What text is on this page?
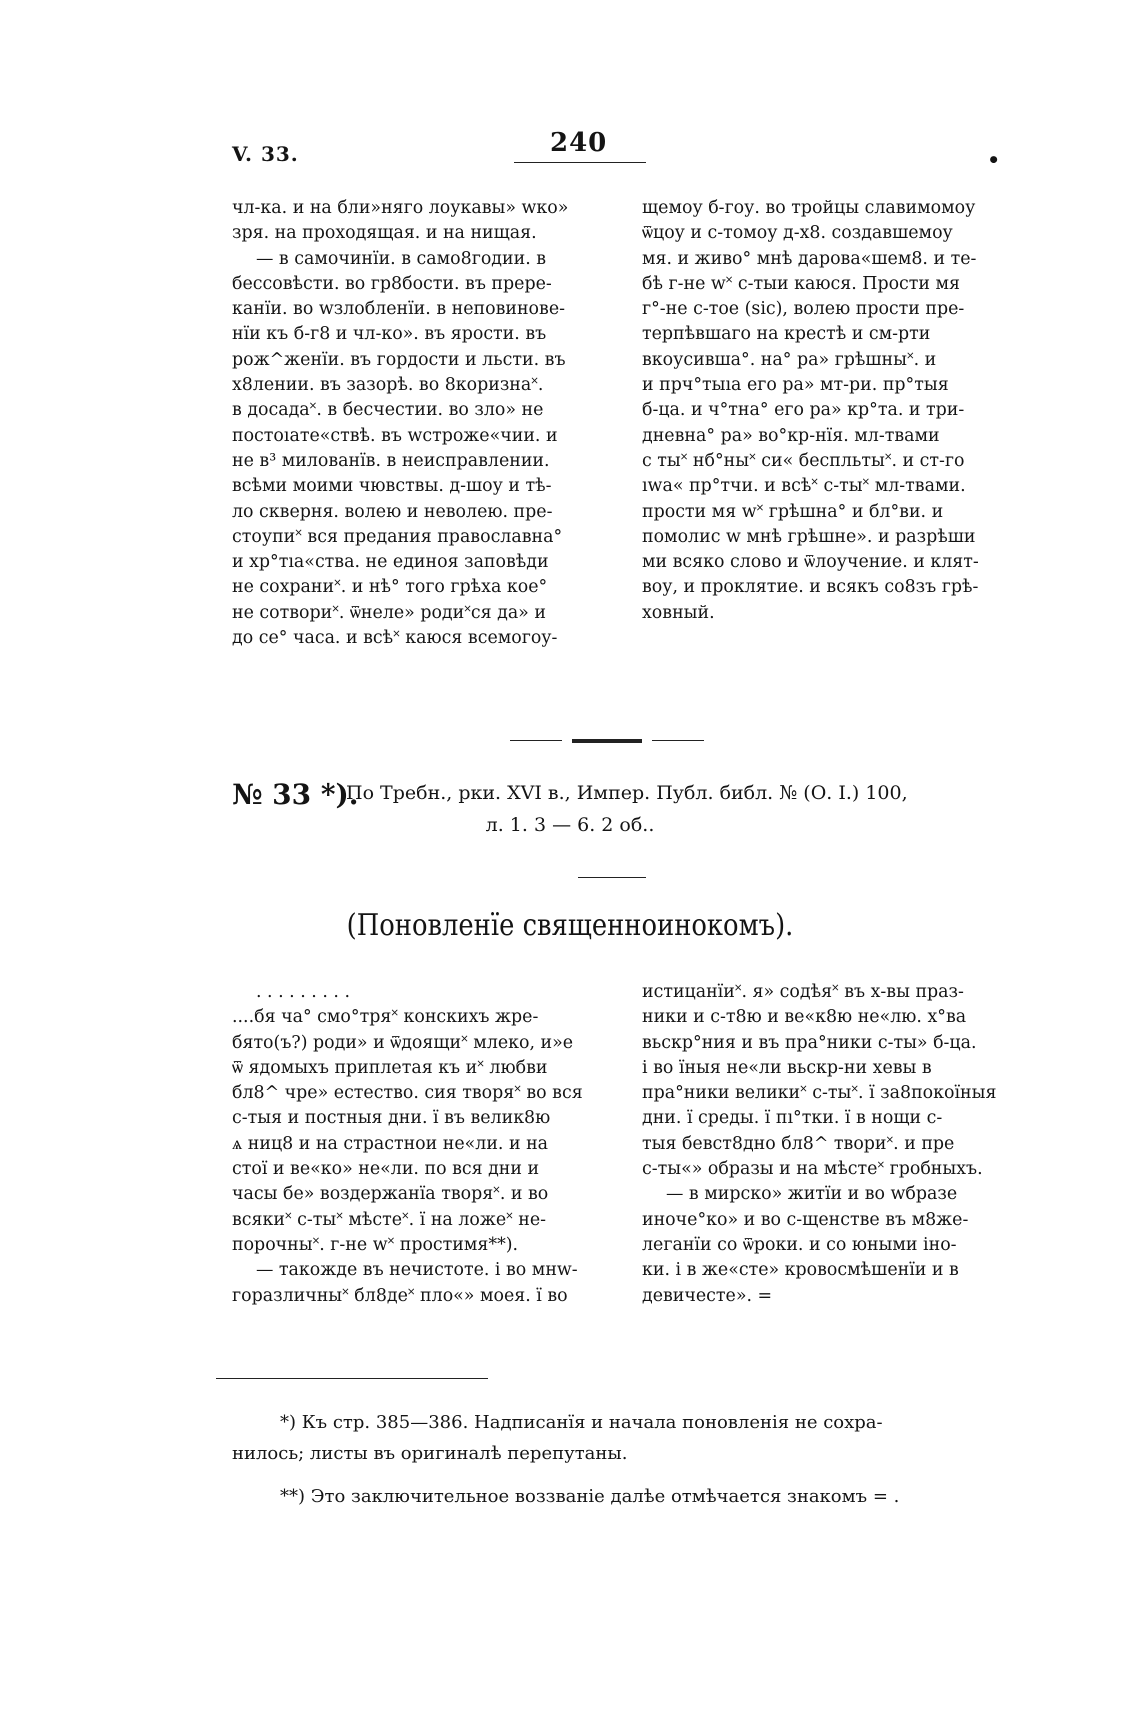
V. 33.	240
•
чл-ка. и на бли»няго лоукавы» wко»
зря. на проходящая. и на нищая.
— в самочинїи. в само8годии. в
бессовѣсти. во гр8бости. въ прере-
канїи. во wзлобленїи. в неповиновe-
нїи къ б-г8 и чл-ко». въ ярости. въ
рож^женїи. въ гордости и льсти. въ
х8лении. въ зазорѣ. во 8коризна˟.
в досада˟. в бесчестии. во зло» не
постоıате«ствѣ. въ wстроже«чии. и
не в³ милованїв. в неисправлении.
всѣми моими чювствы. д-шоу и тѣ-
ло скверня. волею и неволею. пре-
стоупи˟ вся предания православна°
и хр°тıа«ства. не единоя заповѣди
не сохрани˟. и нѣ° того грѣха кое°
не сотвори˟. ѿнеле» роди˟ся да» и
до се° часа. и всѣ˟ каюся всемогоу-
щемоу б-гоу. во тройцы славимомоу
ѿцоу и с-томоу д-х8. создавшемоу
мя. и живо° мнѣ дарова«шем8. и те-
бѣ г-не w˟ с-тыи каюся. Прости мя
г°-не с-тое (sic), волею прости пре-
терпѣвшаго на крестѣ и см-рти
вкоусивша°. на° ра» грѣшны˟. и
и прч°тыıа его ра» мт-ри. пр°тыя
б-ца. и ч°тна° его ра» кр°та. и три-
дневна° ра» во°кр-нїя. мл-твами
с ты˟ нб°ны˟ си« беспльты˟. и ст-го
ıwа« пр°тчи. и всѣ˟ с-ты˟ мл-твами.
прости мя w˟ грѣшна° и бл°ви. и
помолис w мнѣ грѣшне». и разрѣши
ми всяко слово и ѿлоучение. и клят-
воу, и проклятие. и всякъ со8зъ грѣ-
ховный.
№ 33 *).
По Требн., рки. XVI в., Импер. Публ. библ. № (О. I.) 100,
л. 1. 3 — 6. 2 об..
(Поновленїе священноинокомъ).
. . . . . . . . .
....бя ча° смо°тря˟ конскихъ жре-
бято(ъ?) роди» и ѿдоящи˟ млеко, и»е
ѿ ядомыхъ приплетая къ и˟ любви
бл8^ чре» естество. сия творя˟ во вся
с-тыя и постныя дни. ї въ велик8ю
ѧ ниц8 и на страстнои не«ли. и на
стої и ве«ко» не«ли. по вся дни и
часы бе» воздержанїа творя˟. и во
всяки˟ с-ты˟ мѣсте˟. ї на ложе˟ не-
порочны˟. г-не w˟ простимя**).
— такожде въ нечистоте. і во мнw-
горазличны˟ бл8де˟ пло«» моея. ї во
истицанїи˟. я» содѣя˟ въ х-вы праз-
ники и с-т8ю и ве«к8ю не«лю. х°ва
вьскр°ния и въ пра°ники с-ты» б-ца.
і во їныя не«ли вьскр-ни хевы в
пра°ники велики˟ с-ты˟. ї за8покоїныя
дни. ї среды. ї пı°тки. ї в нощи с-
тыя бевст8дно бл8^ твори˟. и пре
с-ты«» образы и на мѣсте˟ гробныхъ.
— в мирско» житїи и во wбразе
иноче°ко» и во с-щенстве въ м8же-
леганїи со ѿроки. и со юными іно-
ки. і в же«сте» кровосмѣшенїи и в
девичесте». =
*) Къ стр. 385—386. Надписанїя и начала поновленія не сохра-
нилось; листы въ оригиналѣ перепутаны.
**) Это заключительное воззванiе далѣе отмѣчается знакомъ = .
